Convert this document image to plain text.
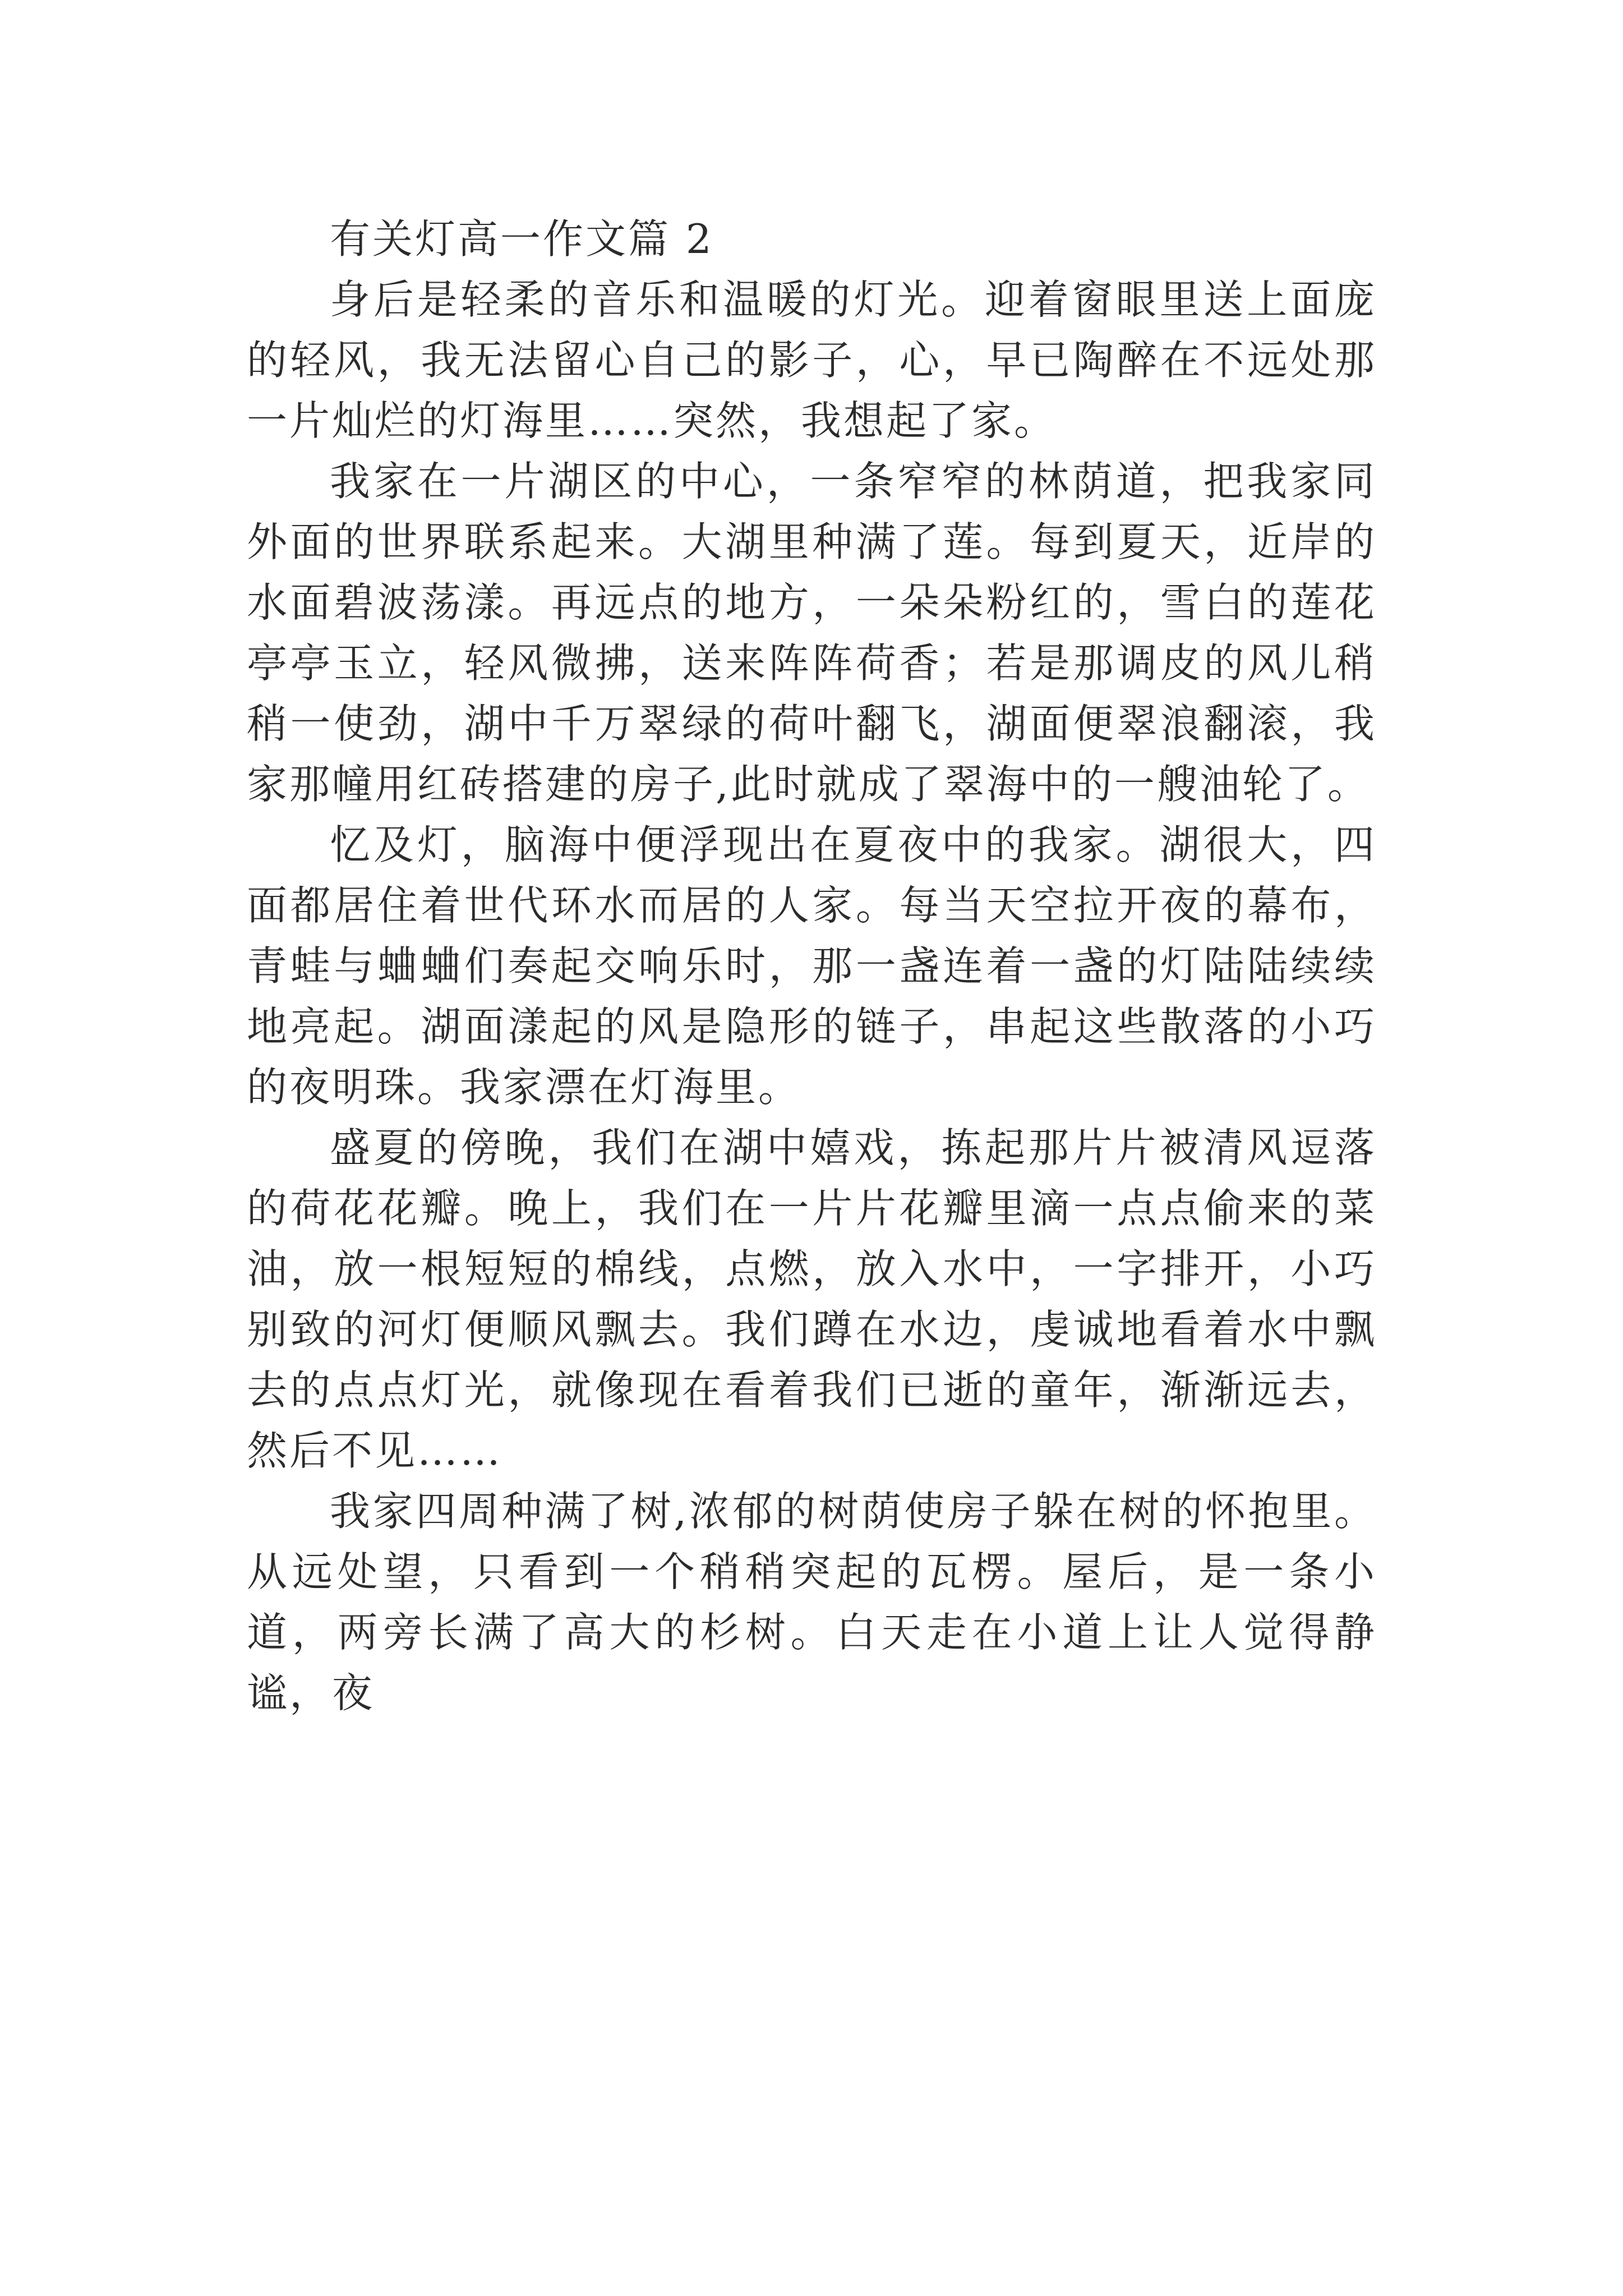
有关灯高一作文篇 2

身后是轻柔的音乐和温暖的灯光。迎着窗眼里送上面庞的轻风，我无法留心自己的影子，心，早已陶醉在不远处那一片灿烂的灯海里……突然，我想起了家。

我家在一片湖区的中心，一条窄窄的林荫道，把我家同外面的世界联系起来。大湖里种满了莲。每到夏天，近岸的水面碧波荡漾。再远点的地方，一朵朵粉红的，雪白的莲花亭亭玉立，轻风微拂，送来阵阵荷香；若是那调皮的风儿稍稍一使劲，湖中千万翠绿的荷叶翻飞，湖面便翠浪翻滚，我家那幢用红砖搭建的房子,此时就成了翠海中的一艘油轮了。

忆及灯，脑海中便浮现出在夏夜中的我家。湖很大，四面都居住着世代环水而居的人家。每当天空拉开夜的幕布，青蛙与蛐蛐们奏起交响乐时，那一盏连着一盏的灯陆陆续续地亮起。湖面漾起的风是隐形的链子，串起这些散落的小巧的夜明珠。我家漂在灯海里。

盛夏的傍晚，我们在湖中嬉戏，拣起那片片被清风逗落的荷花花瓣。晚上，我们在一片片花瓣里滴一点点偷来的菜油，放一根短短的棉线，点燃，放入水中，一字排开，小巧别致的河灯便顺风飘去。我们蹲在水边，虔诚地看着水中飘去的点点灯光，就像现在看着我们已逝的童年，渐渐远去，然后不见……

我家四周种满了树,浓郁的树荫使房子躲在树的怀抱里。从远处望，只看到一个稍稍突起的瓦楞。屋后，是一条小道，两旁长满了高大的杉树。白天走在小道上让人觉得静谧，夜
